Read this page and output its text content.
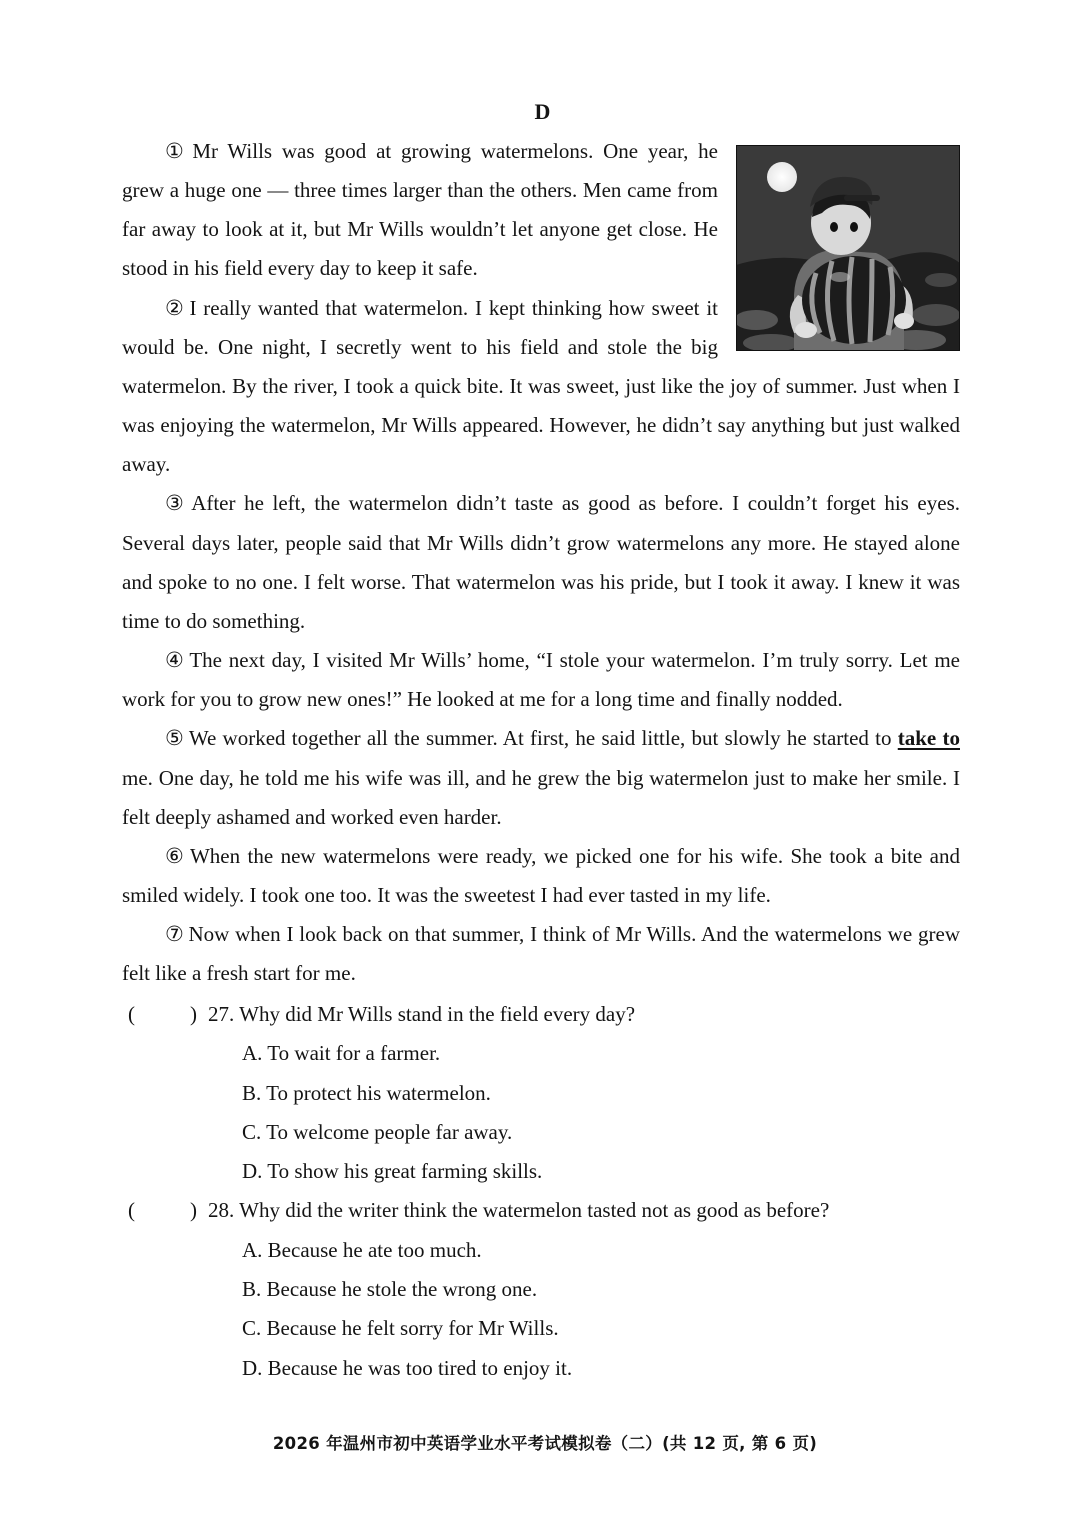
D

① Mr Wills was good at growing watermelons. One year, he grew a huge one — three times larger than the others. Men came from far away to look at it, but Mr Wills wouldn’t let anyone get close. He stood in his field every day to keep it safe.

② I really wanted that watermelon. I kept thinking how sweet it would be. One night, I secretly went to his field and stole the big watermelon. By the river, I took a quick bite. It was sweet, just like the joy of summer. Just when I was enjoying the watermelon, Mr Wills appeared. However, he didn’t say anything but just walked away.

③ After he left, the watermelon didn’t taste as good as before. I couldn’t forget his eyes. Several days later, people said that Mr Wills didn’t grow watermelons any more. He stayed alone and spoke to no one. I felt worse. That watermelon was his pride, but I took it away. I knew it was time to do something.

④ The next day, I visited Mr Wills’ home, “I stole your watermelon. I’m truly sorry. Let me work for you to grow new ones!” He looked at me for a long time and finally nodded.

⑤ We worked together all the summer. At first, he said little, but slowly he started to take to me. One day, he told me his wife was ill, and he grew the big watermelon just to make her smile. I felt deeply ashamed and worked even harder.

⑥ When the new watermelons were ready, we picked one for his wife. She took a bite and smiled widely. I took one too. It was the sweetest I had ever tasted in my life.

⑦ Now when I look back on that summer, I think of Mr Wills. And the watermelons we grew felt like a fresh start for me.

(	) 27. Why did Mr Wills stand in the field every day?
A. To wait for a farmer.
B. To protect his watermelon.
C. To welcome people far away.
D. To show his great farming skills.
(	) 28. Why did the writer think the watermelon tasted not as good as before?
A. Because he ate too much.
B. Because he stole the wrong one.
C. Because he felt sorry for Mr Wills.
D. Because he was too tired to enjoy it.
2026 年温州市初中英语学业水平考试模拟卷（二）(共 12 页, 第 6 页)
